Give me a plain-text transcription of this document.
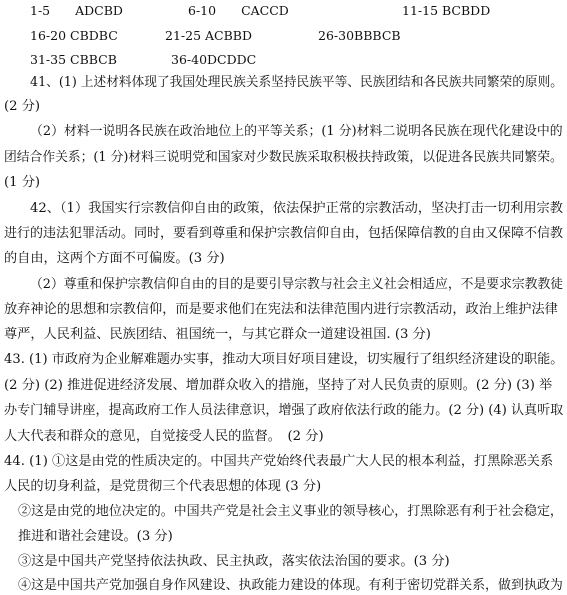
1-5　　ADCBD	6-10　　CACCD	11-15 BCBDD
16-20 CBDBC	21-25 ACBBD	26-30BBBCB
31-35 CBBCB	36-40DCDDC
41、(1) 上述材料体现了我国处理民族关系坚持民族平等、民族团结和各民族共同繁荣的原则。
(2 分)
（2）材料一说明各民族在政治地位上的平等关系；(1 分)材料二说明各民族在现代化建设中的
团结合作关系；(1 分)材料三说明党和国家对少数民族采取积极扶持政策，以促进各民族共同繁荣。
(1 分)
42、（1）我国实行宗教信仰自由的政策，依法保护正常的宗教活动，坚决打击一切利用宗教
进行的违法犯罪活动。同时，要看到尊重和保护宗教信仰自由，包括保障信教的自由又保障不信教
的自由，这两个方面不可偏废。(3 分)
（2）尊重和保护宗教信仰自由的目的是要引导宗教与社会主义社会相适应，不是要求宗教教徒
放弃神论的思想和宗教信仰，而是要求他们在宪法和法律范围内进行宗教活动，政治上维护法律
尊严，人民利益、民族团结、祖国统一，与其它群众一道建设祖国. (3 分)
43. (1) 市政府为企业解难题办实事，推动大项目好项目建设，切实履行了组织经济建设的职能。
(2 分) (2) 推进促进经济发展、增加群众收入的措施，坚持了对人民负责的原则。(2 分) (3) 举
办专门辅导讲座，提高政府工作人员法律意识，增强了政府依法行政的能力。(2 分) (4) 认真听取
人大代表和群众的意见，自觉接受人民的监督。　(2 分)
44. (1) ①这是由党的性质决定的。中国共产党始终代表最广大人民的根本利益，打黑除恶关系
人民的切身利益，是党贯彻三个代表思想的体现 (3 分)
②这是由党的地位决定的。中国共产党是社会主义事业的领导核心，打黑除恶有利于社会稳定，
推进和谐社会建设。(3 分)
③这是中国共产党坚持依法执政、民主执政，落实依法治国的要求。(3 分)
④这是中国共产党加强自身作风建设、执政能力建设的体现。有利于密切党群关系，做到执政为
